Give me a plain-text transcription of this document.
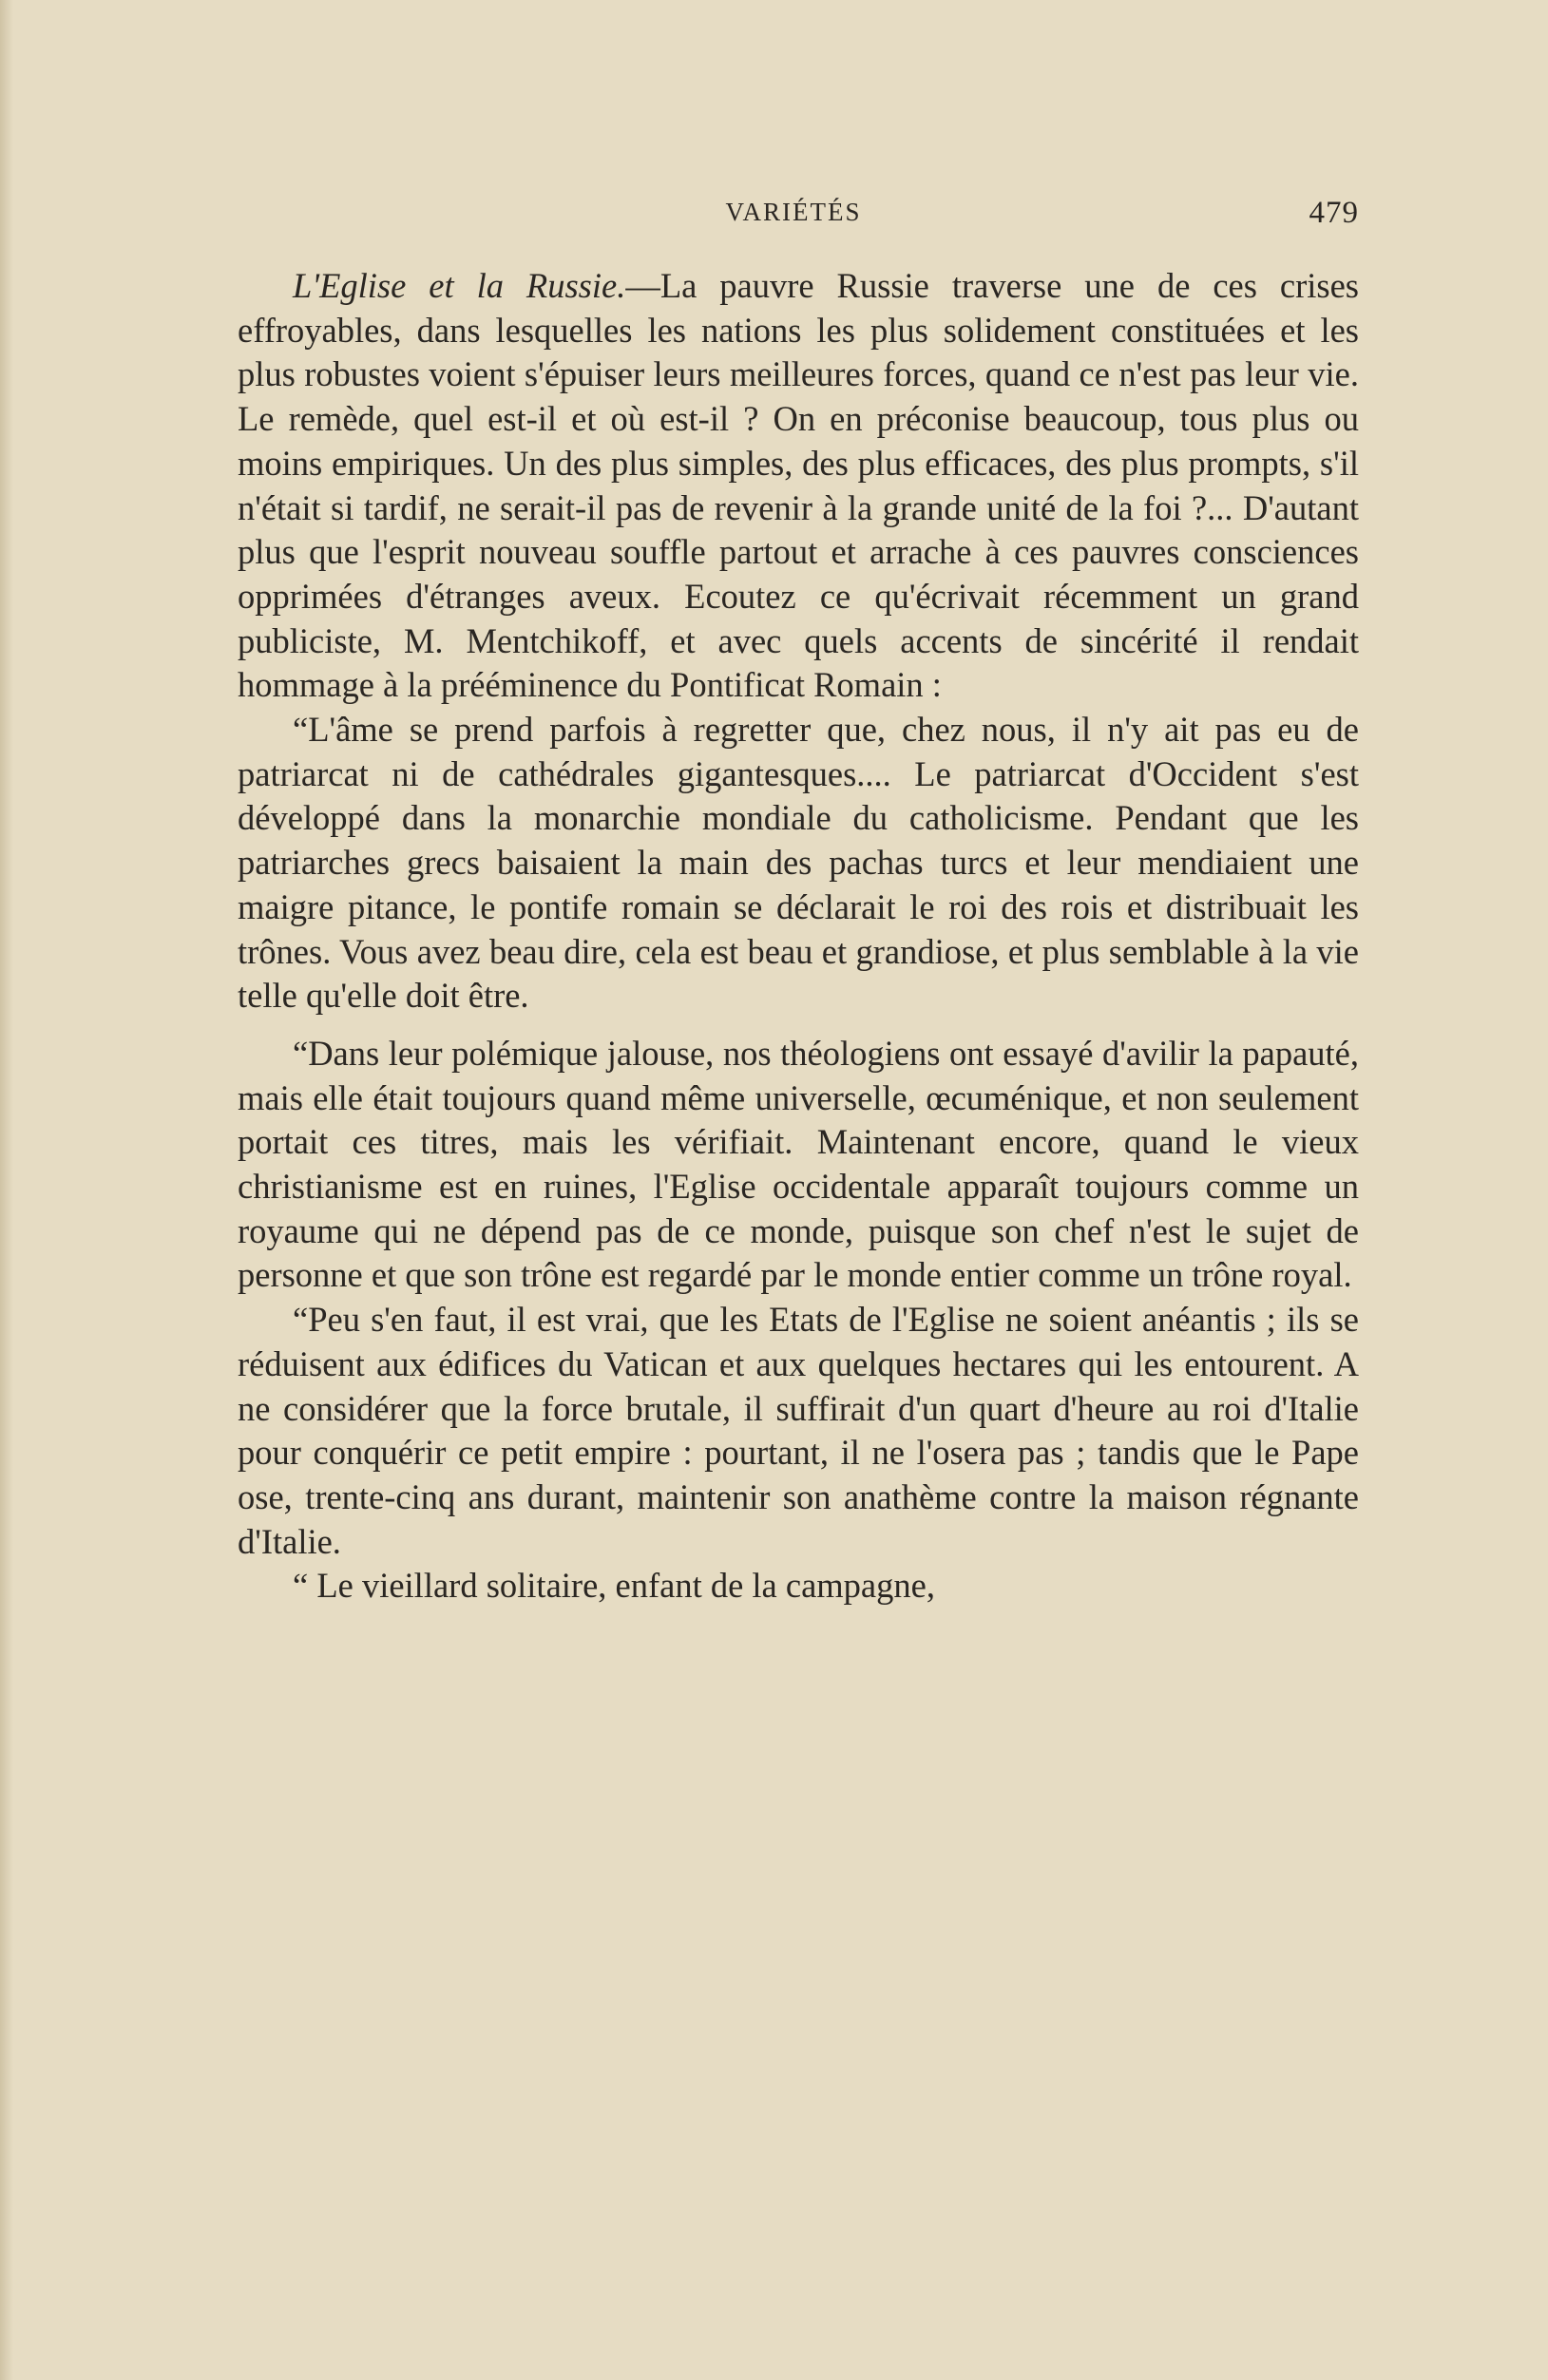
VARIÉTÉS	479

L'Eglise et la Russie.—La pauvre Russie traverse une de ces crises effroyables, dans lesquelles les nations les plus solidement constituées et les plus robustes voient s'épuiser leurs meilleures forces, quand ce n'est pas leur vie. Le remède, quel est-il et où est-il ? On en préconise beaucoup, tous plus ou moins empiriques. Un des plus simples, des plus efficaces, des plus prompts, s'il n'était si tardif, ne serait-il pas de revenir à la grande unité de la foi ?... D'autant plus que l'esprit nouveau souffle partout et arrache à ces pauvres consciences opprimées d'étranges aveux. Ecoutez ce qu'écrivait récemment un grand publiciste, M. Mentchikoff, et avec quels accents de sincérité il rendait hommage à la prééminence du Pontificat Romain :

“L'âme se prend parfois à regretter que, chez nous, il n'y ait pas eu de patriarcat ni de cathédrales gigantesques.... Le patriarcat d'Occident s'est développé dans la monarchie mondiale du catholicisme. Pendant que les patriarches grecs baisaient la main des pachas turcs et leur mendiaient une maigre pitance, le pontife romain se déclarait le roi des rois et distribuait les trônes. Vous avez beau dire, cela est beau et grandiose, et plus semblable à la vie telle qu'elle doit être.

“Dans leur polémique jalouse, nos théologiens ont essayé d'avilir la papauté, mais elle était toujours quand même universelle, œcuménique, et non seulement portait ces titres, mais les vérifiait. Maintenant encore, quand le vieux christianisme est en ruines, l'Eglise occidentale apparaît toujours comme un royaume qui ne dépend pas de ce monde, puisque son chef n'est le sujet de personne et que son trône est regardé par le monde entier comme un trône royal.

“Peu s'en faut, il est vrai, que les Etats de l'Eglise ne soient anéantis ; ils se réduisent aux édifices du Vatican et aux quelques hectares qui les entourent. A ne considérer que la force brutale, il suffirait d'un quart d'heure au roi d'Italie pour conquérir ce petit empire : pourtant, il ne l'osera pas ; tandis que le Pape ose, trente-cinq ans durant, maintenir son anathème contre la maison régnante d'Italie.

“ Le vieillard solitaire, enfant de la campagne,
